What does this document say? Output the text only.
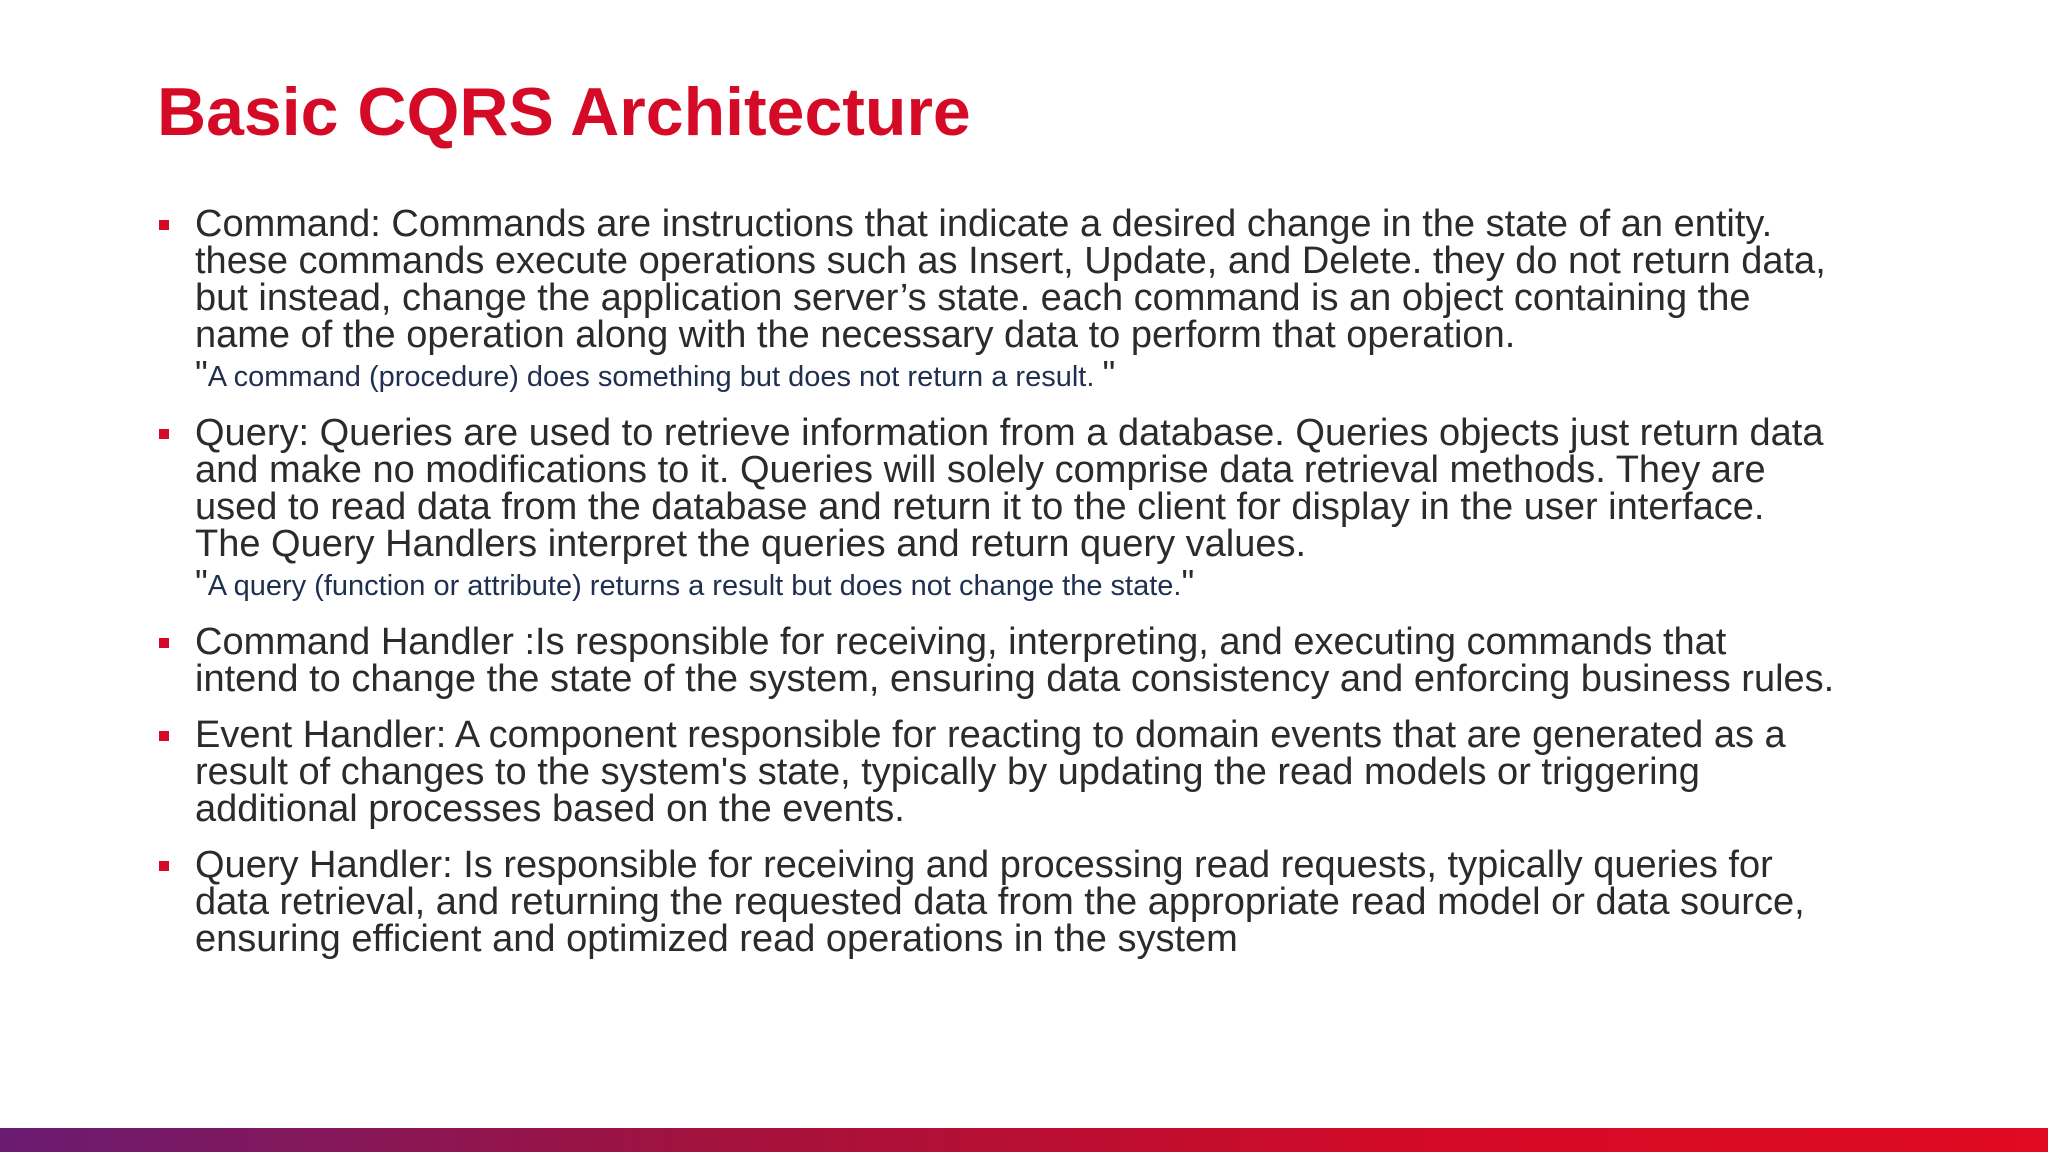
Basic CQRS Architecture
Command: Commands are instructions that indicate a desired change in the state of an entity.
these commands execute operations such as Insert, Update, and Delete. they do not return data,
but instead, change the application server’s state. each command is an object containing the
name of the operation along with the necessary data to perform that operation.
"A command (procedure) does something but does not return a result. "
Query: Queries are used to retrieve information from a database. Queries objects just return data
and make no modifications to it. Queries will solely comprise data retrieval methods. They are
used to read data from the database and return it to the client for display in the user interface.
The Query Handlers interpret the queries and return query values.
"A query (function or attribute) returns a result but does not change the state."
Command Handler :Is responsible for receiving, interpreting, and executing commands that
intend to change the state of the system, ensuring data consistency and enforcing business rules.
Event Handler: A component responsible for reacting to domain events that are generated as a
result of changes to the system's state, typically by updating the read models or triggering
additional processes based on the events.
Query Handler: Is responsible for receiving and processing read requests, typically queries for
data retrieval, and returning the requested data from the appropriate read model or data source,
ensuring efficient and optimized read operations in the system
